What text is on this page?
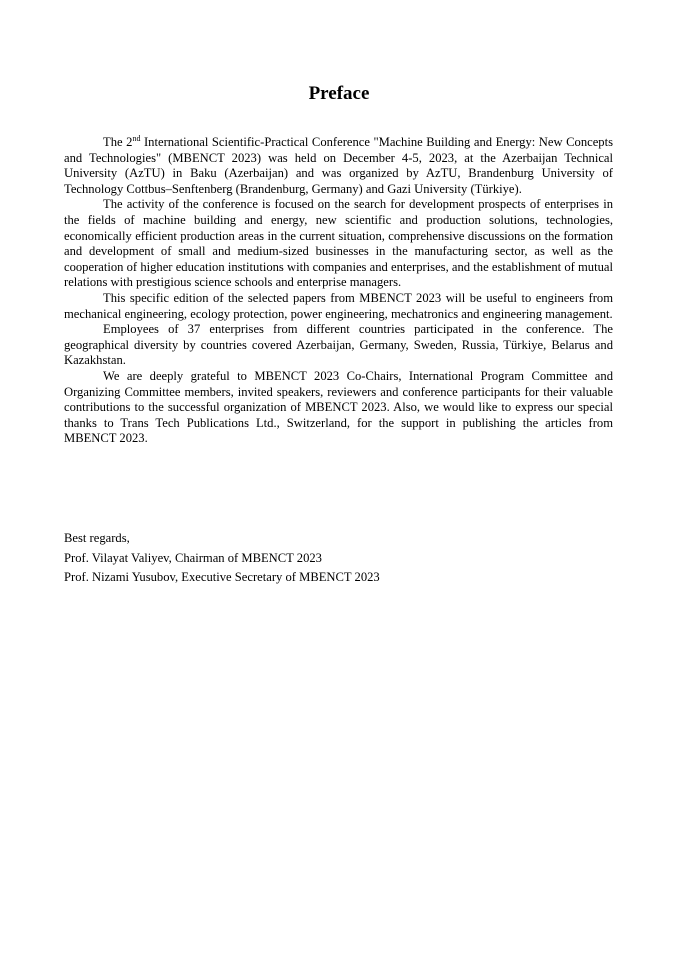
Preface

The 2nd International Scientific-Practical Conference "Machine Building and Energy: New Concepts and Technologies" (MBENCT 2023) was held on December 4-5, 2023, at the Azerbaijan Technical University (AzTU) in Baku (Azerbaijan) and was organized by AzTU, Brandenburg University of Technology Cottbus–Senftenberg (Brandenburg, Germany) and Gazi University (Türkiye).

The activity of the conference is focused on the search for development prospects of enterprises in the fields of machine building and energy, new scientific and production solutions, technologies, economically efficient production areas in the current situation, comprehensive discussions on the formation and development of small and medium-sized businesses in the manufacturing sector, as well as the cooperation of higher education institutions with companies and enterprises, and the establishment of mutual relations with prestigious science schools and enterprise managers.

This specific edition of the selected papers from MBENCT 2023 will be useful to engineers from mechanical engineering, ecology protection, power engineering, mechatronics and engineering management.

Employees of 37 enterprises from different countries participated in the conference. The geographical diversity by countries covered Azerbaijan, Germany, Sweden, Russia, Türkiye, Belarus and Kazakhstan.

We are deeply grateful to MBENCT 2023 Co-Chairs, International Program Committee and Organizing Committee members, invited speakers, reviewers and conference participants for their valuable contributions to the successful organization of MBENCT 2023. Also, we would like to express our special thanks to Trans Tech Publications Ltd., Switzerland, for the support in publishing the articles from MBENCT 2023.

Best regards,
Prof. Vilayat Valiyev, Chairman of MBENCT 2023
Prof. Nizami Yusubov, Executive Secretary of MBENCT 2023
